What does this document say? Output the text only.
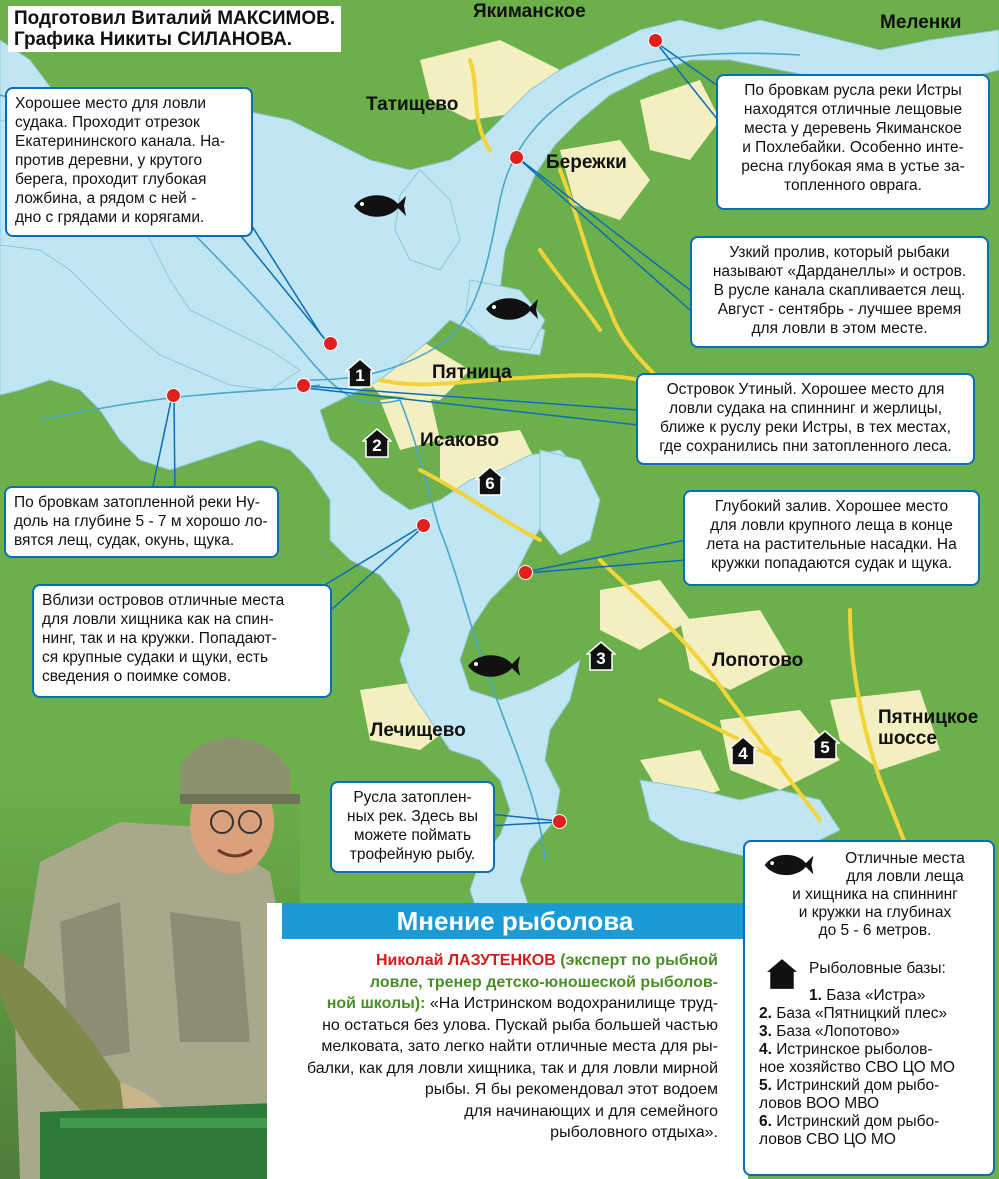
Подготовил Виталий МАКСИМОВ.
Графика Никиты СИЛАНОВА.
Якиманское
Меленки
Татищево
Бережки
Пятница
Исаково
Лопотово
Пятницкое
шоссе
Лечищево
1
2
3
4	5
6
Хорошее место для ловли
судака. Проходит отрезок
Екатерининского канала. На-
против деревни, у крутого
берега, проходит глубокая
ложбина, а рядом с ней -
дно с грядами и корягами.
По бровкам русла реки Истры
находятся отличные лещовые
места у деревень Якиманское
и Похлебайки. Особенно инте-
ресна глубокая яма в устье за-
топленного оврага.
Узкий пролив, который рыбаки
называют «Дарданеллы» и остров.
В русле канала скапливается лещ.
Август - сентябрь - лучшее время
для ловли в этом месте.
Островок Утиный. Хорошее место для
ловли судака на спиннинг и жерлицы,
ближе к руслу реки Истры, в тех местах,
где сохранились пни затопленного леса.
По бровкам затопленной реки Ну-
доль на глубине 5 - 7 м хорошо ло-
вятся лещ, судак, окунь, щука.
Глубокий залив. Хорошее место
для ловли крупного леща в конце
лета на растительные насадки. На
кружки попадаются судак и щука.
Вблизи островов отличные места
для ловли хищника как на спин-
нинг, так и на кружки. Попадают-
ся крупные судаки и щуки, есть
сведения о поимке сомов.
Русла затоплен-
ных рек. Здесь вы
можете поймать
трофейную рыбу.
Мнение рыболова
Николай ЛАЗУТЕНКОВ (эксперт по рыбной
ловле, тренер детско-юношеской рыболов-
ной школы): «На Истринском водохранилище труд-
но остаться без улова. Пускай рыба большей частью
мелковата, зато легко найти отличные места для ры-
балки, как для ловли хищника, так и для ловли мирной
рыбы. Я бы рекомендовал этот водоем
для начинающих и для семейного
рыболовного отдыха».
Отличные места
для ловли леща
и хищника на спиннинг
и кружки на глубинах
до 5 - 6 метров.
Рыболовные базы:
1. База «Истра»
2. База «Пятницкий плес»
3. База «Лопотово»
4. Истринское рыболов-
ное хозяйство СВО ЦО МО
5. Истринский дом рыбо-
ловов ВОО МВО
6. Истринский дом рыбо-
ловов СВО ЦО МО
